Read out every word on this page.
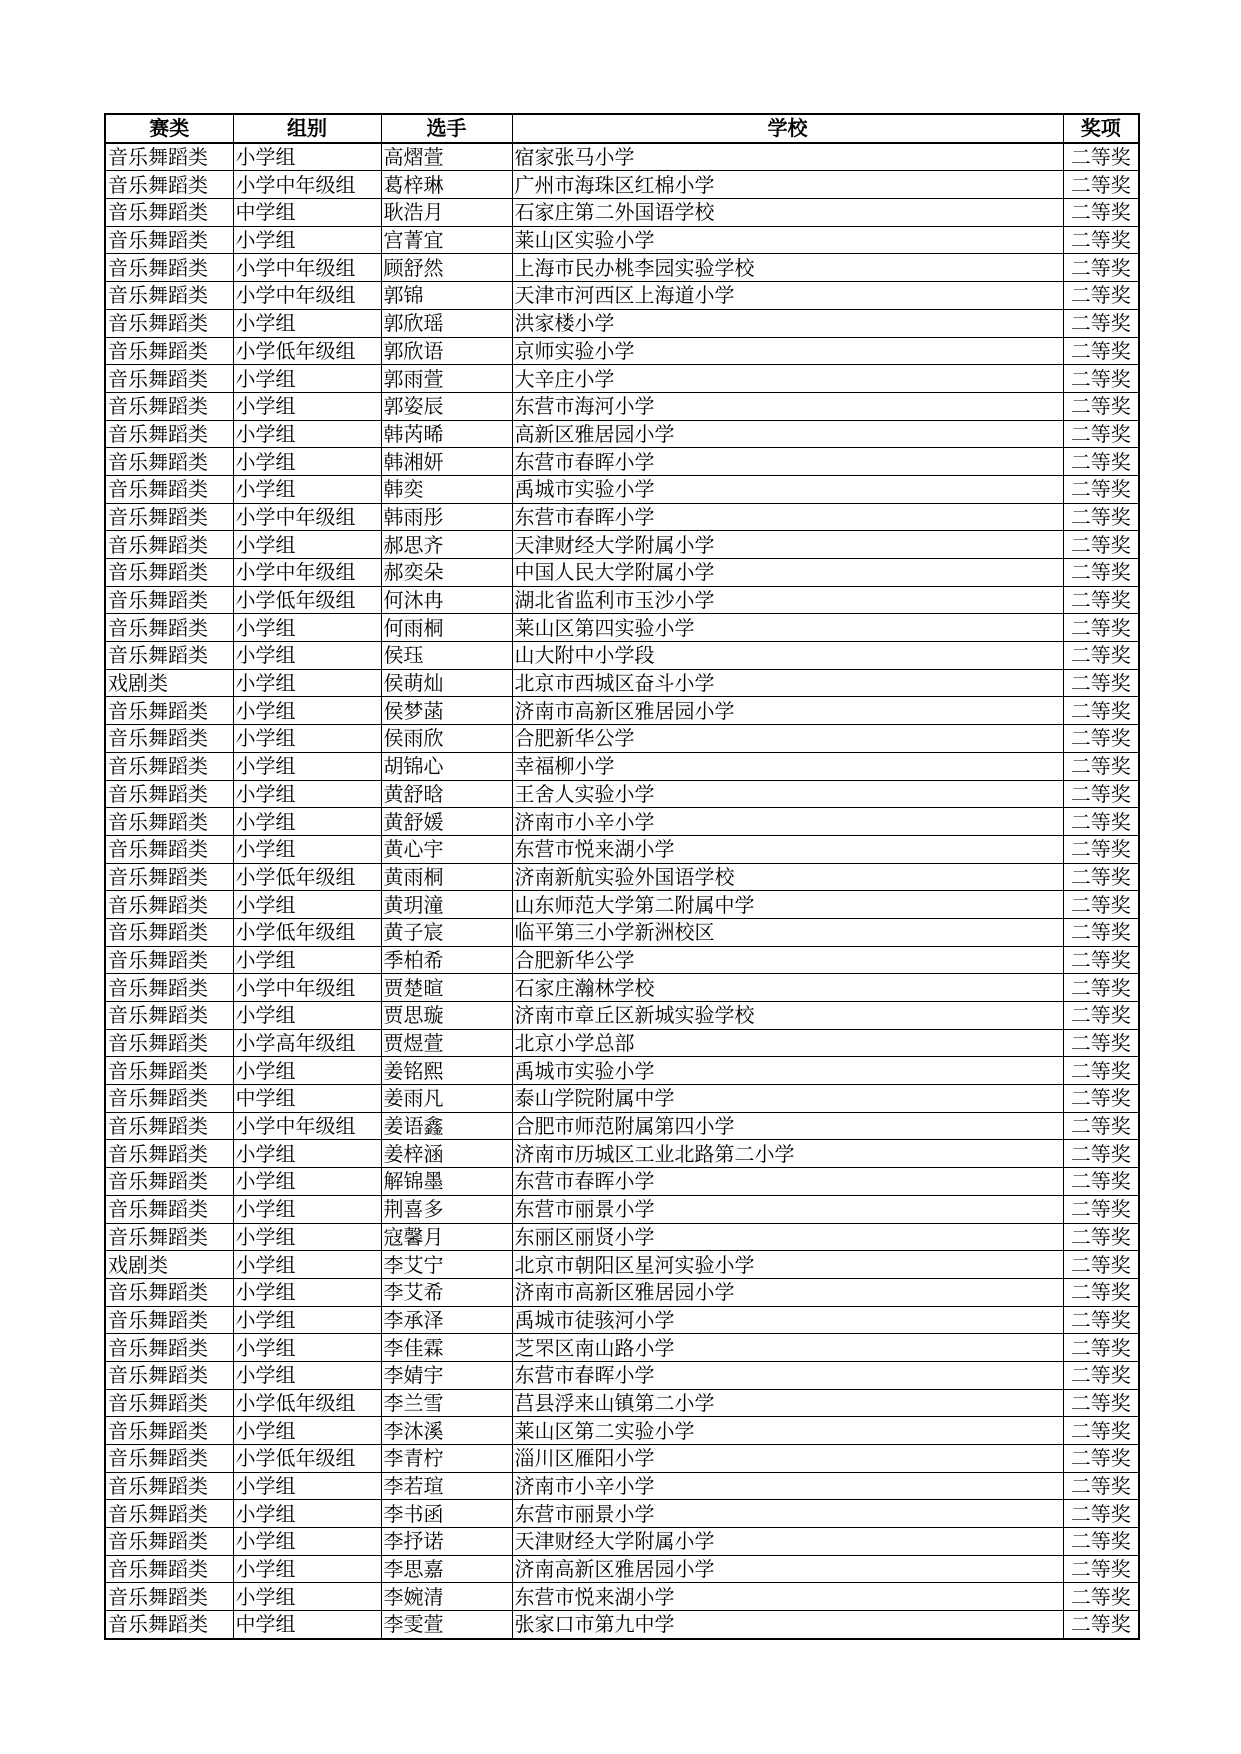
赛类	组别	选手	学校	奖项
音乐舞蹈类	小学组	高熠萱	宿家张马小学	二等奖
音乐舞蹈类	小学中年级组	葛梓琳	广州市海珠区红棉小学	二等奖
音乐舞蹈类	中学组	耿浩月	石家庄第二外国语学校	二等奖
音乐舞蹈类	小学组	宫菁宜	莱山区实验小学	二等奖
音乐舞蹈类	小学中年级组	顾舒然	上海市民办桃李园实验学校	二等奖
音乐舞蹈类	小学中年级组	郭锦	天津市河西区上海道小学	二等奖
音乐舞蹈类	小学组	郭欣瑶	洪家楼小学	二等奖
音乐舞蹈类	小学低年级组	郭欣语	京师实验小学	二等奖
音乐舞蹈类	小学组	郭雨萱	大辛庄小学	二等奖
音乐舞蹈类	小学组	郭姿辰	东营市海河小学	二等奖
音乐舞蹈类	小学组	韩芮晞	高新区雅居园小学	二等奖
音乐舞蹈类	小学组	韩湘妍	东营市春晖小学	二等奖
音乐舞蹈类	小学组	韩奕	禹城市实验小学	二等奖
音乐舞蹈类	小学中年级组	韩雨彤	东营市春晖小学	二等奖
音乐舞蹈类	小学组	郝思齐	天津财经大学附属小学	二等奖
音乐舞蹈类	小学中年级组	郝奕朵	中国人民大学附属小学	二等奖
音乐舞蹈类	小学低年级组	何沐冉	湖北省监利市玉沙小学	二等奖
音乐舞蹈类	小学组	何雨桐	莱山区第四实验小学	二等奖
音乐舞蹈类	小学组	侯珏	山大附中小学段	二等奖
戏剧类	小学组	侯萌灿	北京市西城区奋斗小学	二等奖
音乐舞蹈类	小学组	侯梦菡	济南市高新区雅居园小学	二等奖
音乐舞蹈类	小学组	侯雨欣	合肥新华公学	二等奖
音乐舞蹈类	小学组	胡锦心	幸福柳小学	二等奖
音乐舞蹈类	小学组	黄舒晗	王舍人实验小学	二等奖
音乐舞蹈类	小学组	黄舒媛	济南市小辛小学	二等奖
音乐舞蹈类	小学组	黄心宇	东营市悦来湖小学	二等奖
音乐舞蹈类	小学低年级组	黄雨桐	济南新航实验外国语学校	二等奖
音乐舞蹈类	小学组	黄玥潼	山东师范大学第二附属中学	二等奖
音乐舞蹈类	小学低年级组	黄子宸	临平第三小学新洲校区	二等奖
音乐舞蹈类	小学组	季柏希	合肥新华公学	二等奖
音乐舞蹈类	小学中年级组	贾楚暄	石家庄瀚林学校	二等奖
音乐舞蹈类	小学组	贾思璇	济南市章丘区新城实验学校	二等奖
音乐舞蹈类	小学高年级组	贾煜萱	北京小学总部	二等奖
音乐舞蹈类	小学组	姜铭熙	禹城市实验小学	二等奖
音乐舞蹈类	中学组	姜雨凡	泰山学院附属中学	二等奖
音乐舞蹈类	小学中年级组	姜语鑫	合肥市师范附属第四小学	二等奖
音乐舞蹈类	小学组	姜梓涵	济南市历城区工业北路第二小学	二等奖
音乐舞蹈类	小学组	解锦墨	东营市春晖小学	二等奖
音乐舞蹈类	小学组	荆喜多	东营市丽景小学	二等奖
音乐舞蹈类	小学组	寇馨月	东丽区丽贤小学	二等奖
戏剧类	小学组	李艾宁	北京市朝阳区星河实验小学	二等奖
音乐舞蹈类	小学组	李艾希	济南市高新区雅居园小学	二等奖
音乐舞蹈类	小学组	李承泽	禹城市徒骇河小学	二等奖
音乐舞蹈类	小学组	李佳霖	芝罘区南山路小学	二等奖
音乐舞蹈类	小学组	李婧宇	东营市春晖小学	二等奖
音乐舞蹈类	小学低年级组	李兰雪	莒县浮来山镇第二小学	二等奖
音乐舞蹈类	小学组	李沐溪	莱山区第二实验小学	二等奖
音乐舞蹈类	小学低年级组	李青柠	淄川区雁阳小学	二等奖
音乐舞蹈类	小学组	李若瑄	济南市小辛小学	二等奖
音乐舞蹈类	小学组	李书函	东营市丽景小学	二等奖
音乐舞蹈类	小学组	李抒诺	天津财经大学附属小学	二等奖
音乐舞蹈类	小学组	李思嘉	济南高新区雅居园小学	二等奖
音乐舞蹈类	小学组	李婉清	东营市悦来湖小学	二等奖
音乐舞蹈类	中学组	李雯萱	张家口市第九中学	二等奖
